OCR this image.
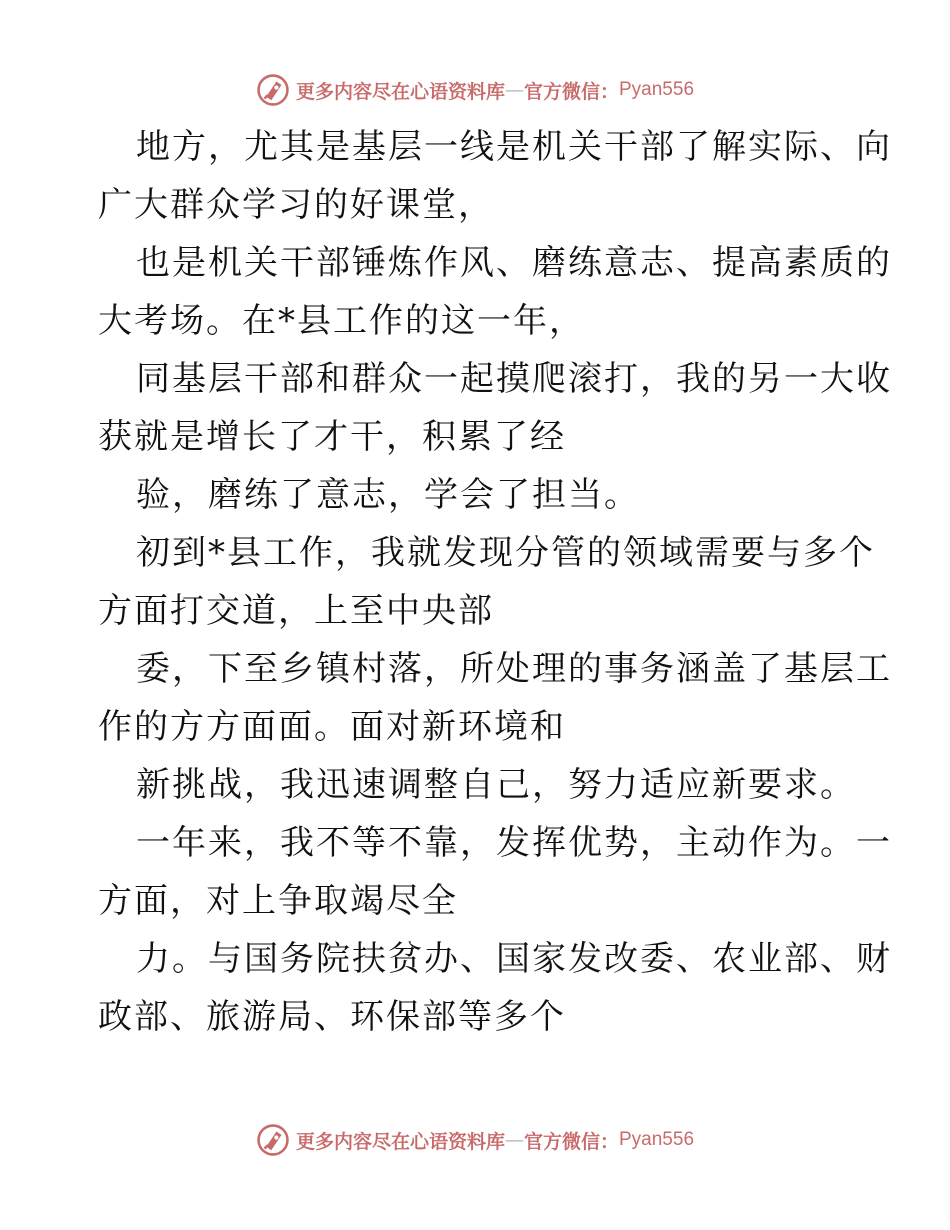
更多内容尽在心语资料库 — 官方微信： Pyan556
地方，尤其是基层一线是机关干部了解实际、向
广大群众学习的好课堂，
也是机关干部锤炼作风、磨练意志、提高素质的
大考场。在*县工作的这一年，
同基层干部和群众一起摸爬滚打，我的另一大收
获就是增长了才干，积累了经
验，磨练了意志，学会了担当。
初到*县工作，我就发现分管的领域需要与多个
方面打交道，上至中央部
委，下至乡镇村落，所处理的事务涵盖了基层工
作的方方面面。面对新环境和
新挑战，我迅速调整自己，努力适应新要求。
一年来，我不等不靠，发挥优势，主动作为。一
方面，对上争取竭尽全
力。与国务院扶贫办、国家发改委、农业部、财
政部、旅游局、环保部等多个
更多内容尽在心语资料库 — 官方微信： Pyan556
